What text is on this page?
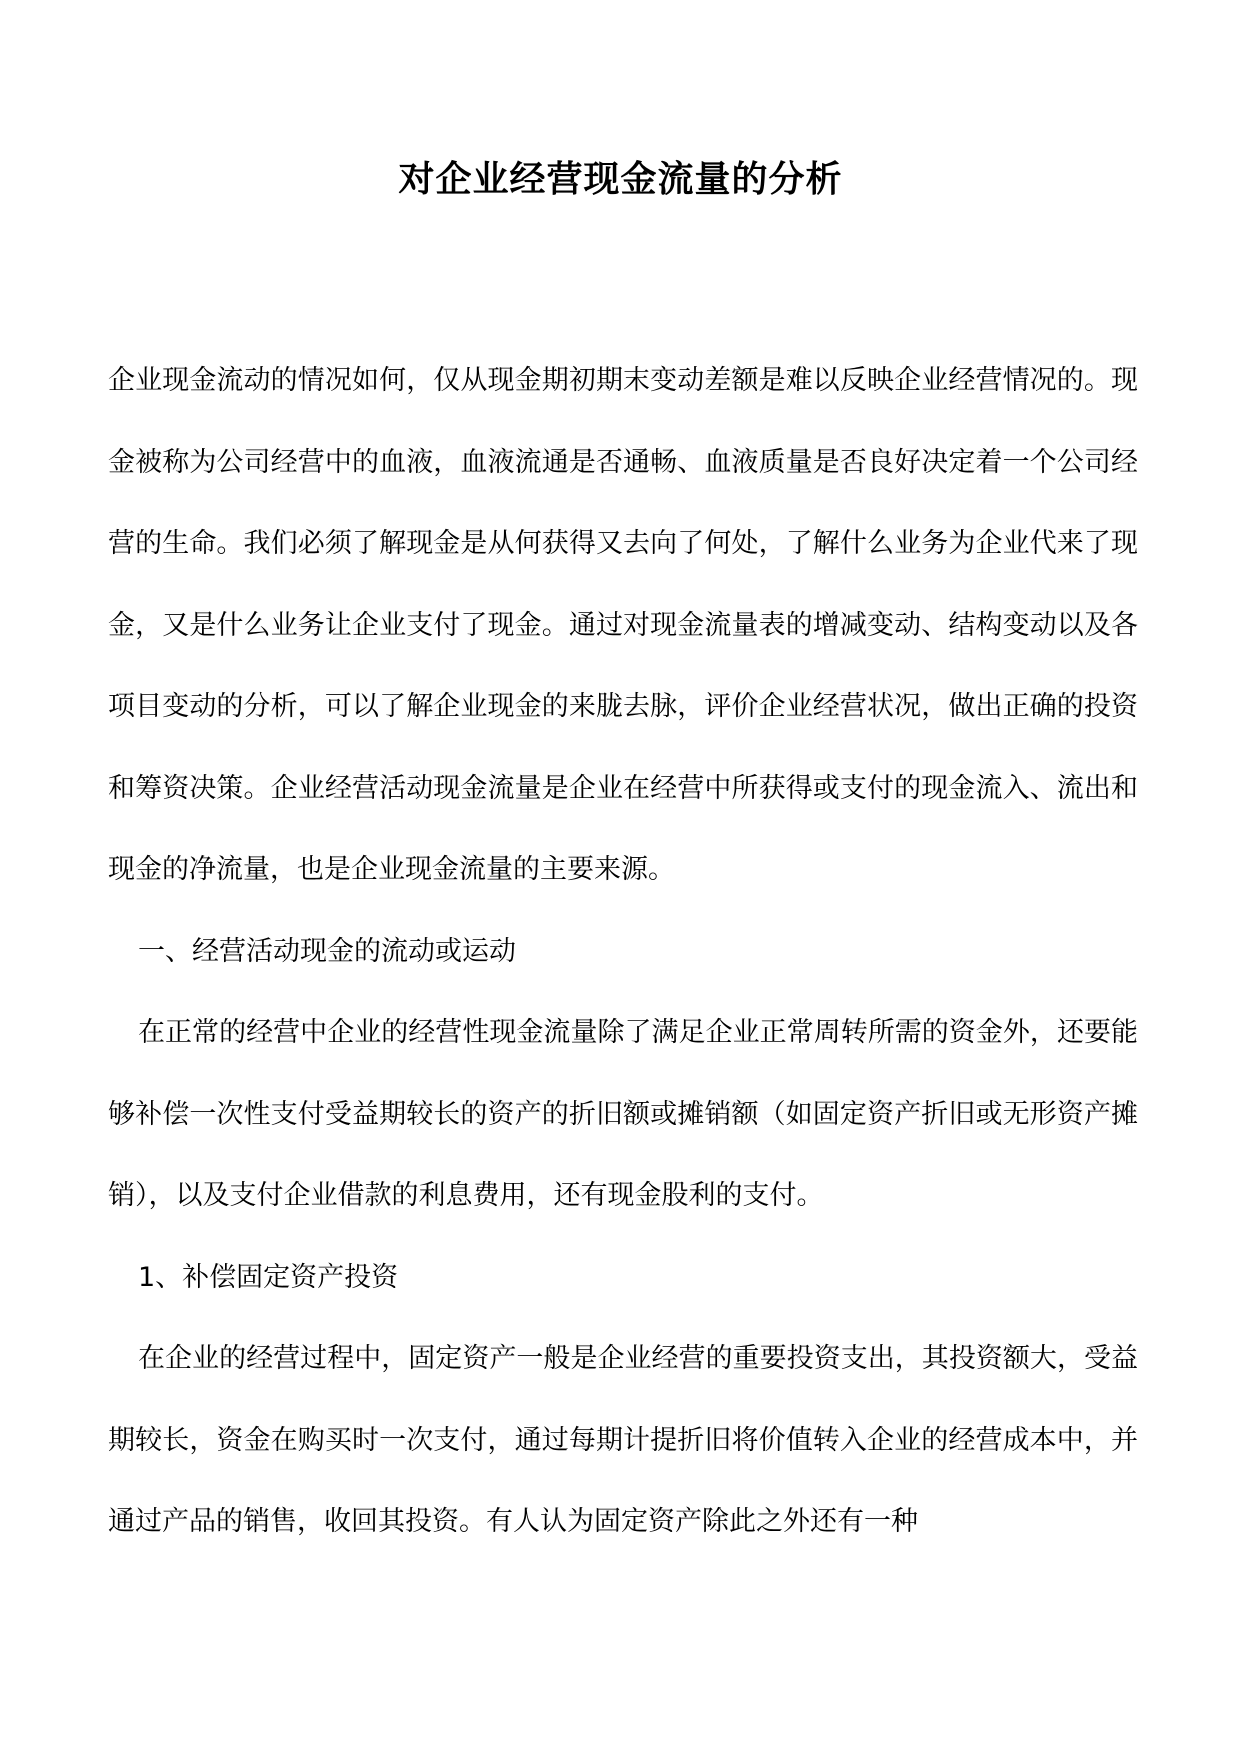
对企业经营现金流量的分析

企业现金流动的情况如何，仅从现金期初期末变动差额是难以反映企业经营情况的。现金被称为公司经营中的血液，血液流通是否通畅、血液质量是否良好决定着一个公司经营的生命。我们必须了解现金是从何获得又去向了何处，了解什么业务为企业代来了现金，又是什么业务让企业支付了现金。通过对现金流量表的增减变动、结构变动以及各项目变动的分析，可以了解企业现金的来胧去脉，评价企业经营状况，做出正确的投资和筹资决策。企业经营活动现金流量是企业在经营中所获得或支付的现金流入、流出和现金的净流量，也是企业现金流量的主要来源。

一、经营活动现金的流动或运动

在正常的经营中企业的经营性现金流量除了满足企业正常周转所需的资金外，还要能够补偿一次性支付受益期较长的资产的折旧额或摊销额（如固定资产折旧或无形资产摊销），以及支付企业借款的利息费用，还有现金股利的支付。

1、补偿固定资产投资

在企业的经营过程中，固定资产一般是企业经营的重要投资支出，其投资额大，受益期较长，资金在购买时一次支付，通过每期计提折旧将价值转入企业的经营成本中，并通过产品的销售，收回其投资。有人认为固定资产除此之外还有一种
